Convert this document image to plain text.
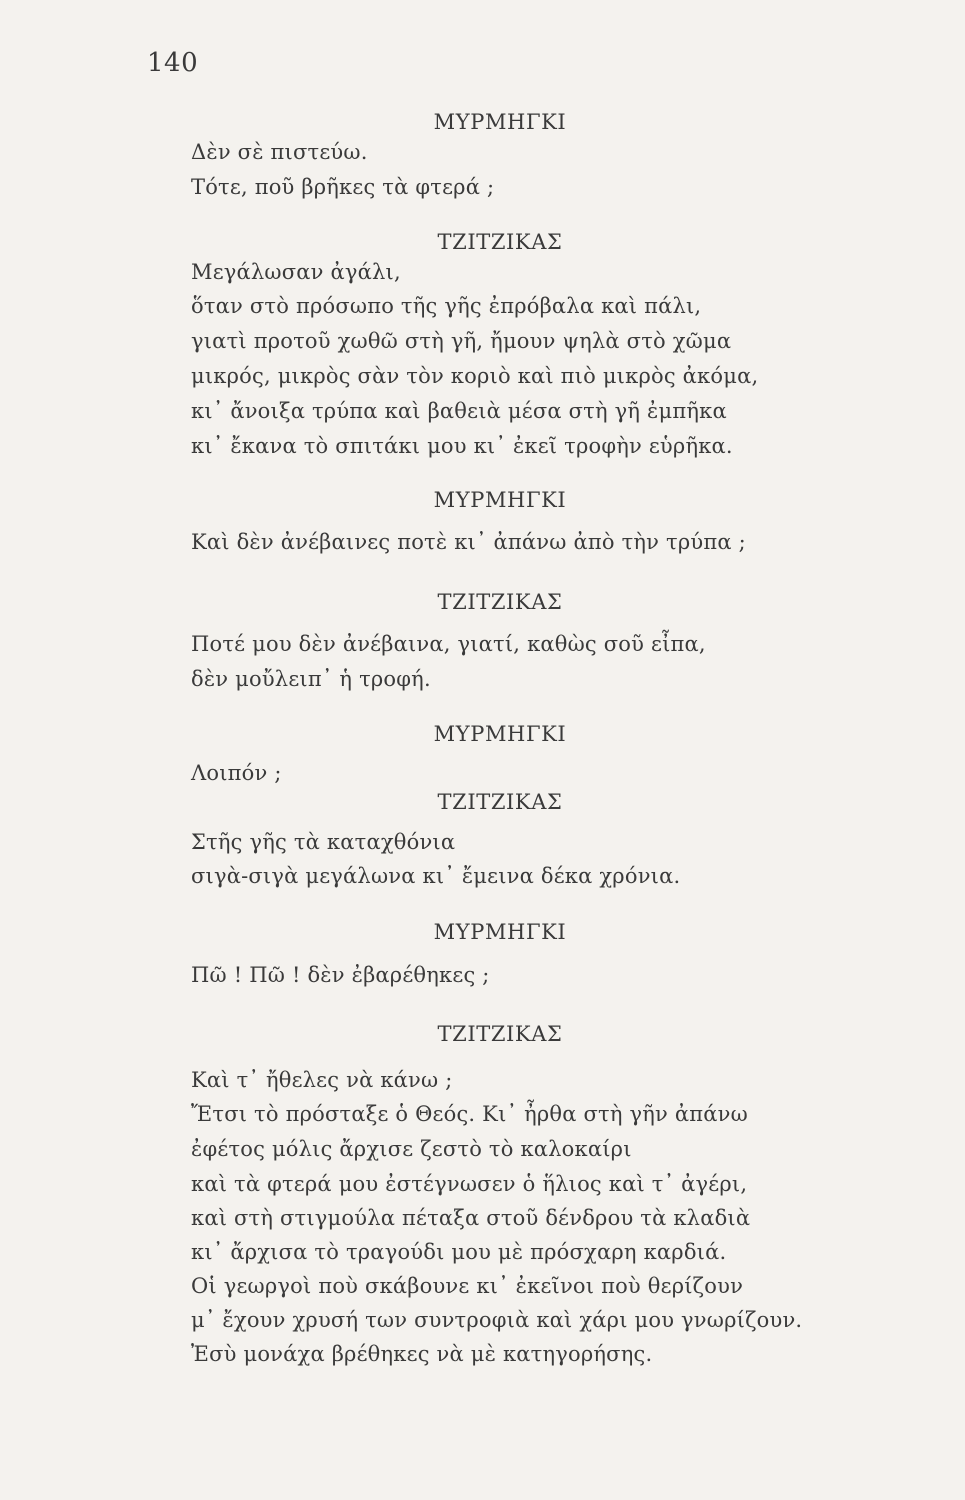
140
ΜΥΡΜΗΓΚΙ
Δὲν σὲ πιστεύω.
Τότε, ποῦ βρῆκες τὰ φτερά ;
ΤΖΙΤΖΙΚΑΣ
Μεγάλωσαν ἀγάλι,
ὅταν στὸ πρόσωπο τῆς γῆς ἐπρόβαλα καὶ πάλι,
γιατὶ προτοῦ χωθῶ στὴ γῆ, ἤμουν ψηλὰ στὸ χῶμα
μικρός, μικρὸς σὰν τὸν κοριὸ καὶ πιὸ μικρὸς ἀκόμα,
κι᾽ ἄνοιξα τρύπα καὶ βαθειὰ μέσα στὴ γῆ ἐμπῆκα
κι᾽ ἔκανα τὸ σπιτάκι μου κι᾽ ἐκεῖ τροφὴν εὑρῆκα.
ΜΥΡΜΗΓΚΙ
Καὶ δὲν ἀνέβαινες ποτὲ κι᾽ ἀπάνω ἀπὸ τὴν τρύπα ;
ΤΖΙΤΖΙΚΑΣ
Ποτέ μου δὲν ἀνέβαινα, γιατί, καθὼς σοῦ εἶπα,
δὲν μοὔλειπ᾽ ἡ τροφή.
ΜΥΡΜΗΓΚΙ
Λοιπόν ;
ΤΖΙΤΖΙΚΑΣ
Στῆς γῆς τὰ καταχθόνια
σιγὰ-σιγὰ μεγάλωνα κι᾽ ἔμεινα δέκα χρόνια.
ΜΥΡΜΗΓΚΙ
Πῶ ! Πῶ ! δὲν ἐβαρέθηκες ;
ΤΖΙΤΖΙΚΑΣ
Καὶ τ᾽ ἤθελες νὰ κάνω ;
Ἔτσι τὸ πρόσταξε ὁ Θεός. Κι᾽ ἦρθα στὴ γῆν ἀπάνω
ἐφέτος μόλις ἄρχισε ζεστὸ τὸ καλοκαίρι
καὶ τὰ φτερά μου ἐστέγνωσεν ὁ ἥλιος καὶ τ᾽ ἀγέρι,
καὶ στὴ στιγμούλα πέταξα στοῦ δένδρου τὰ κλαδιὰ
κι᾽ ἄρχισα τὸ τραγούδι μου μὲ πρόσχαρη καρδιά.
Οἱ γεωργοὶ ποὺ σκάβουνε κι᾽ ἐκεῖνοι ποὺ θερίζουν
μ᾽ ἔχουν χρυσή των συντροφιὰ καὶ χάρι μου γνωρίζουν.
Ἐσὺ μονάχα βρέθηκες νὰ μὲ κατηγορήσης.
